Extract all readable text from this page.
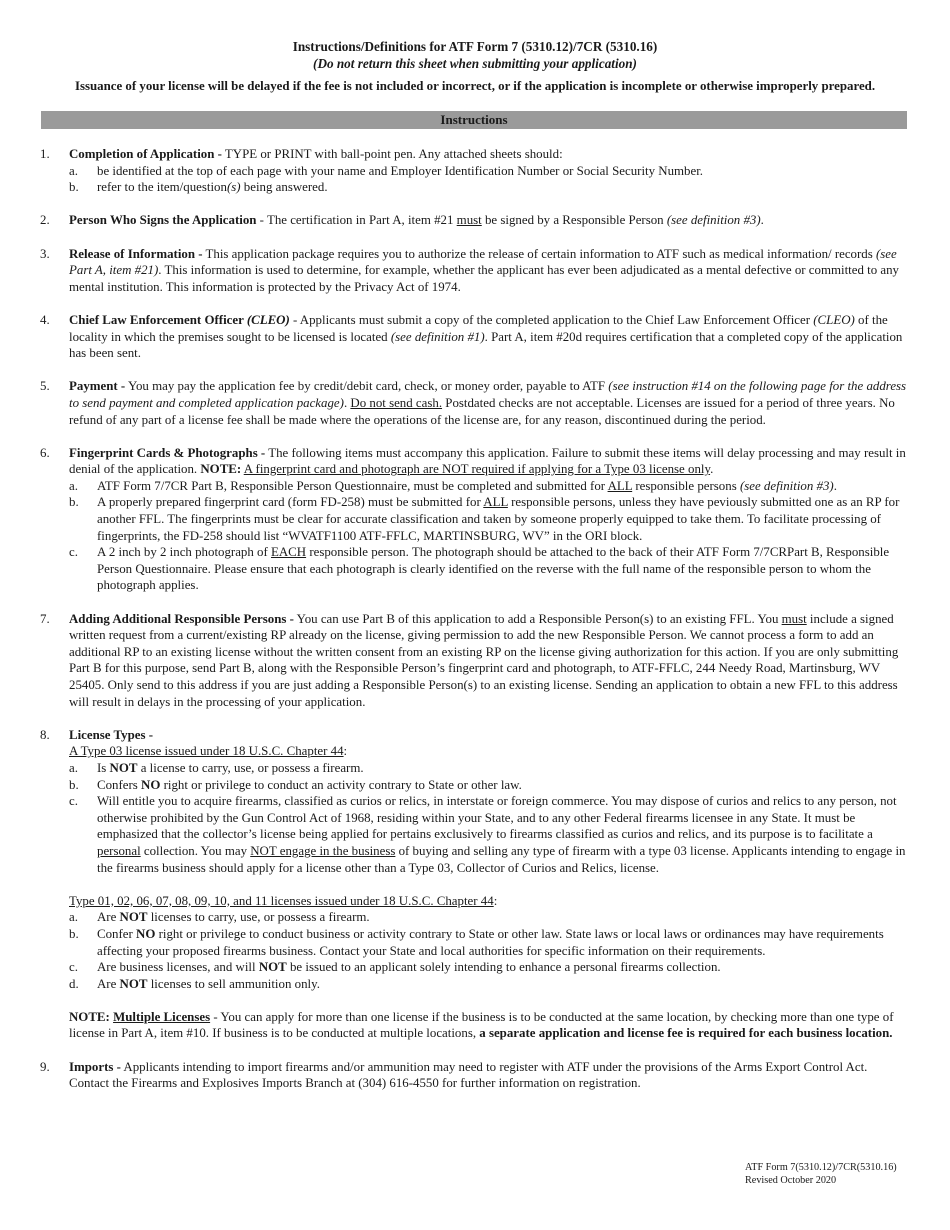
Instructions/Definitions for ATF Form 7 (5310.12)/7CR (5310.16)
(Do not return this sheet when submitting your application)
Issuance of your license will be delayed if the fee is not included or incorrect, or if the application is incomplete or otherwise improperly prepared.
Instructions
1. Completion of Application - TYPE or PRINT with ball-point pen. Any attached sheets should:
a. be identified at the top of each page with your name and Employer Identification Number or Social Security Number.
b. refer to the item/question(s) being answered.
2. Person Who Signs the Application - The certification in Part A, item #21 must be signed by a Responsible Person (see definition #3).
3. Release of Information - This application package requires you to authorize the release of certain information to ATF such as medical information/ records (see Part A, item #21). This information is used to determine, for example, whether the applicant has ever been adjudicated as a mental defective or committed to any mental institution. This information is protected by the Privacy Act of 1974.
4. Chief Law Enforcement Officer (CLEO) - Applicants must submit a copy of the completed application to the Chief Law Enforcement Officer (CLEO) of the locality in which the premises sought to be licensed is located (see definition #1). Part A, item #20d requires certification that a completed copy of the application has been sent.
5. Payment - You may pay the application fee by credit/debit card, check, or money order, payable to ATF (see instruction #14 on the following page for the address to send payment and completed application package). Do not send cash. Postdated checks are not acceptable. Licenses are issued for a period of three years. No refund of any part of a license fee shall be made where the operations of the license are, for any reason, discontinued during the period.
6. Fingerprint Cards & Photographs - The following items must accompany this application. Failure to submit these items will delay processing and may result in denial of the application. NOTE: A fingerprint card and photograph are NOT required if applying for a Type 03 license only.
a. ATF Form 7/7CR Part B, Responsible Person Questionnaire, must be completed and submitted for ALL responsible persons (see definition #3).
b. A properly prepared fingerprint card (form FD-258) must be submitted for ALL responsible persons, unless they have peviously submitted one as an RP for another FFL. The fingerprints must be clear for accurate classification and taken by someone properly equipped to take them. To facilitate processing of fingerprints, the FD-258 should list “WVATF1100 ATF-FFLC, MARTINSBURG, WV” in the ORI block.
c. A 2 inch by 2 inch photograph of EACH responsible person. The photograph should be attached to the back of their ATF Form 7/7CRPart B, Responsible Person Questionnaire. Please ensure that each photograph is clearly identified on the reverse with the full name of the responsible person to whom the photograph applies.
7. Adding Additional Responsible Persons - You can use Part B of this application to add a Responsible Person(s) to an existing FFL. You must include a signed written request from a current/existing RP already on the license, giving permission to add the new Responsible Person. We cannot process a form to add an additional RP to an existing license without the written consent from an existing RP on the license giving authorization for this action. If you are only submitting Part B for this purpose, send Part B, along with the Responsible Person’s fingerprint card and photograph, to ATF-FFLC, 244 Needy Road, Martinsburg, WV 25405. Only send to this address if you are just adding a Responsible Person(s) to an existing license. Sending an application to obtain a new FFL to this address will result in delays in the processing of your application.
8. License Types -
A Type 03 license issued under 18 U.S.C. Chapter 44:
a. Is NOT a license to carry, use, or possess a firearm.
b. Confers NO right or privilege to conduct an activity contrary to State or other law.
c. Will entitle you to acquire firearms, classified as curios or relics, in interstate or foreign commerce. You may dispose of curios and relics to any person, not otherwise prohibited by the Gun Control Act of 1968, residing within your State, and to any other Federal firearms licensee in any State. It must be emphasized that the collector’s license being applied for pertains exclusively to firearms classified as curios and relics, and its purpose is to facilitate a personal collection. You may NOT engage in the business of buying and selling any type of firearm with a type 03 license. Applicants intending to engage in the firearms business should apply for a license other than a Type 03, Collector of Curios and Relics, license.
Type 01, 02, 06, 07, 08, 09, 10, and 11 licenses issued under 18 U.S.C. Chapter 44:
a. Are NOT licenses to carry, use, or possess a firearm.
b. Confer NO right or privilege to conduct business or activity contrary to State or other law. State laws or local laws or ordinances may have requirements affecting your proposed firearms business. Contact your State and local authorities for specific information on their requirements.
c. Are business licenses, and will NOT be issued to an applicant solely intending to enhance a personal firearms collection.
d. Are NOT licenses to sell ammunition only.
NOTE: Multiple Licenses - You can apply for more than one license if the business is to be conducted at the same location, by checking more than one type of license in Part A, item #10. If business is to be conducted at multiple locations, a separate application and license fee is required for each business location.
9. Imports - Applicants intending to import firearms and/or ammunition may need to register with ATF under the provisions of the Arms Export Control Act. Contact the Firearms and Explosives Imports Branch at (304) 616-4550 for further information on registration.
ATF Form 7(5310.12)/7CR(5310.16)
Revised October 2020
